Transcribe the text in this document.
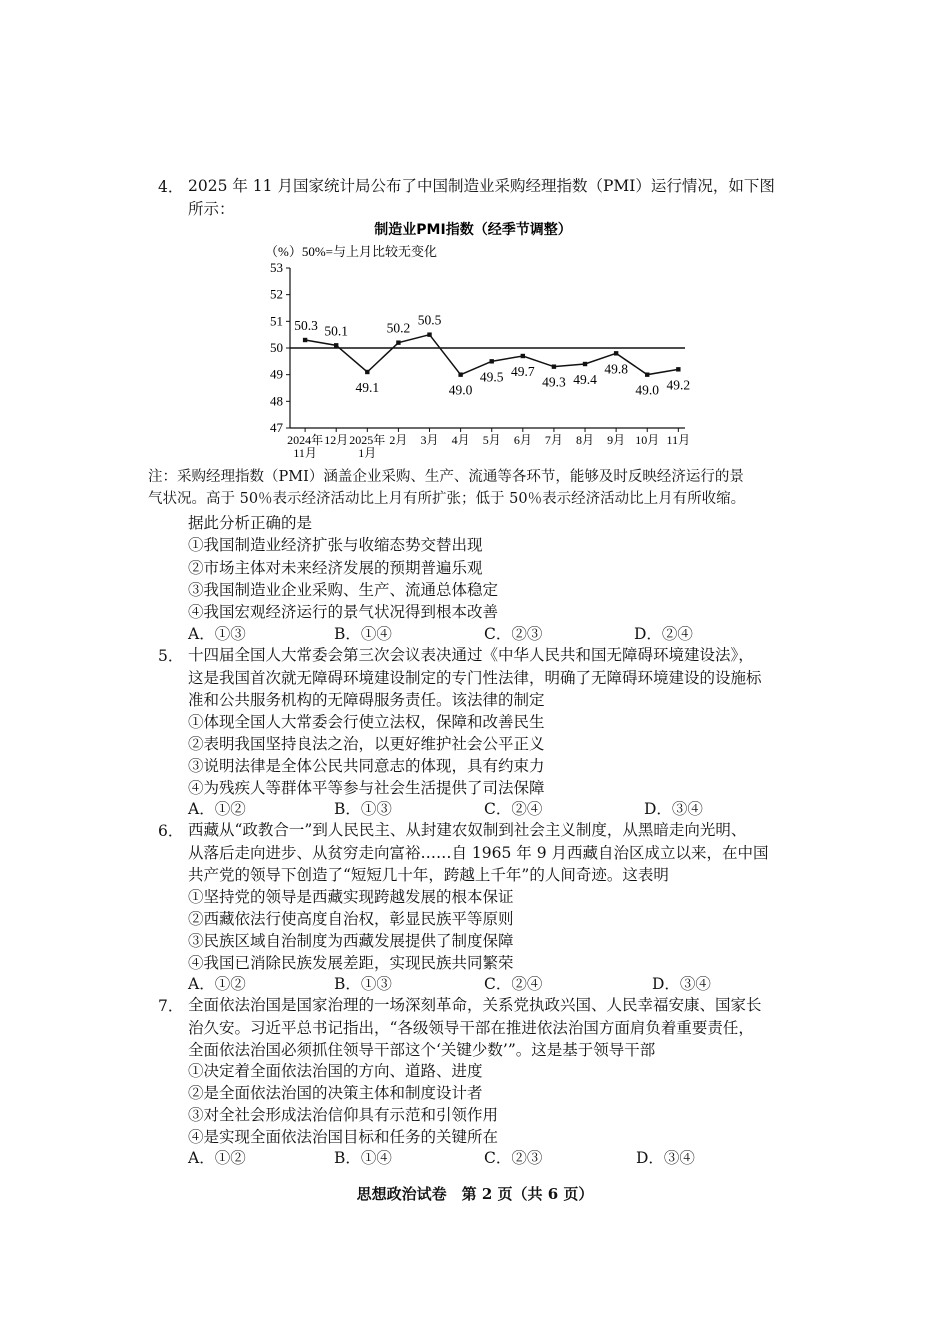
4． 2025 年 11 月国家统计局公布了中国制造业采购经理指数（PMI）运行情况，如下图
所示：
制造业PMI指数（经季节调整）
（%）50%=与上月比较无变化
47
48
49
50
51
52
53
2024年
11月
12月 2025年
1月
2月 3月 4月 5月 6月 7月 8月 9月 10月 11月
50.3 50.1
49.1
50.2
50.5
49.0
49.5 49.7
49.3 49.4
49.8
49.0 49.2
注：采购经理指数（PMI）涵盖企业采购、生产、流通等各环节，能够及时反映经济运行的景
气状况。高于 50％表示经济活动比上月有所扩张；低于 50％表示经济活动比上月有所收缩。
据此分析正确的是
①我国制造业经济扩张与收缩态势交替出现
②市场主体对未来经济发展的预期普遍乐观
③我国制造业企业采购、生产、流通总体稳定
④我国宏观经济运行的景气状况得到根本改善
A．①③	B．①④	C．②③	D．②④
5． 十四届全国人大常委会第三次会议表决通过《中华人民共和国无障碍环境建设法》，
这是我国首次就无障碍环境建设制定的专门性法律，明确了无障碍环境建设的设施标
准和公共服务机构的无障碍服务责任。该法律的制定
①体现全国人大常委会行使立法权，保障和改善民生
②表明我国坚持良法之治，以更好维护社会公平正义
③说明法律是全体公民共同意志的体现，具有约束力
④为残疾人等群体平等参与社会生活提供了司法保障
A．①②	B．①③	C．②④	D．③④
6． 西藏从“政教合一”到人民民主、从封建农奴制到社会主义制度，从黑暗走向光明、
从落后走向进步、从贫穷走向富裕……自 1965 年 9 月西藏自治区成立以来，在中国
共产党的领导下创造了“短短几十年，跨越上千年”的人间奇迹。这表明
①坚持党的领导是西藏实现跨越发展的根本保证
②西藏依法行使高度自治权，彰显民族平等原则
③民族区域自治制度为西藏发展提供了制度保障
④我国已消除民族发展差距，实现民族共同繁荣
A．①②	B．①③	C．②④	D．③④
7． 全面依法治国是国家治理的一场深刻革命，关系党执政兴国、人民幸福安康、国家长
治久安。习近平总书记指出，“各级领导干部在推进依法治国方面肩负着重要责任，
全面依法治国必须抓住领导干部这个‘关键少数’”。这是基于领导干部
①决定着全面依法治国的方向、道路、进度
②是全面依法治国的决策主体和制度设计者
③对全社会形成法治信仰具有示范和引领作用
④是实现全面依法治国目标和任务的关键所在
A．①②	B．①④	C．②③	D．③④
思想政治试卷　第 2 页（共 6 页）
